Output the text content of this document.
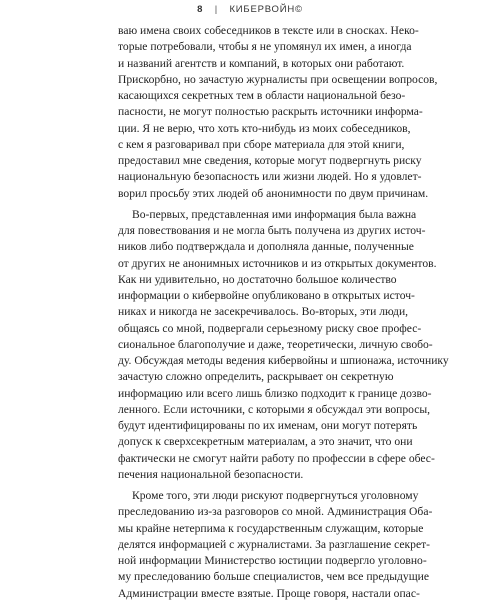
8 | КИБЕРВОЙН©
ваю имена своих собеседников в тексте или в сносках. Неко-
торые потребовали, чтобы я не упомянул их имен, а иногда
и названий агентств и компаний, в которых они работают.
Прискорбно, но зачастую журналисты при освещении вопросов,
касающихся секретных тем в области национальной безо-
пасности, не могут полностью раскрыть источники информа-
ции. Я не верю, что хоть кто-нибудь из моих собеседников,
с кем я разговаривал при сборе материала для этой книги,
предоставил мне сведения, которые могут подвергнуть риску
национальную безопасность или жизни людей. Но я удовлет-
ворил просьбу этих людей об анонимности по двум причинам.
Во-первых, представленная ими информация была важна
для повествования и не могла быть получена из других источ-
ников либо подтверждала и дополняла данные, полученные
от других не анонимных источников и из открытых документов.
Как ни удивительно, но достаточно большое количество
информации о кибервойне опубликовано в открытых источ-
никах и никогда не засекречивалось. Во-вторых, эти люди,
общаясь со мной, подвергали серьезному риску свое профес-
сиональное благополучие и даже, теоретически, личную свобо-
ду. Обсуждая методы ведения кибервойны и шпионажа, источнику
зачастую сложно определить, раскрывает он секретную
информацию или всего лишь близко подходит к границе дозво-
ленного. Если источники, с которыми я обсуждал эти вопросы,
будут идентифицированы по их именам, они могут потерять
допуск к сверхсекретным материалам, а это значит, что они
фактически не смогут найти работу по профессии в сфере обес-
печения национальной безопасности.
Кроме того, эти люди рискуют подвергнуться уголовному
преследованию из-за разговоров со мной. Администрация Оба-
мы крайне нетерпима к государственным служащим, которые
делятся информацией с журналистами. За разглашение секрет-
ной информации Министерство юстиции подвергло уголовно-
му преследованию больше специалистов, чем все предыдущие
Администрации вместе взятые. Проще говоря, настали опас-
